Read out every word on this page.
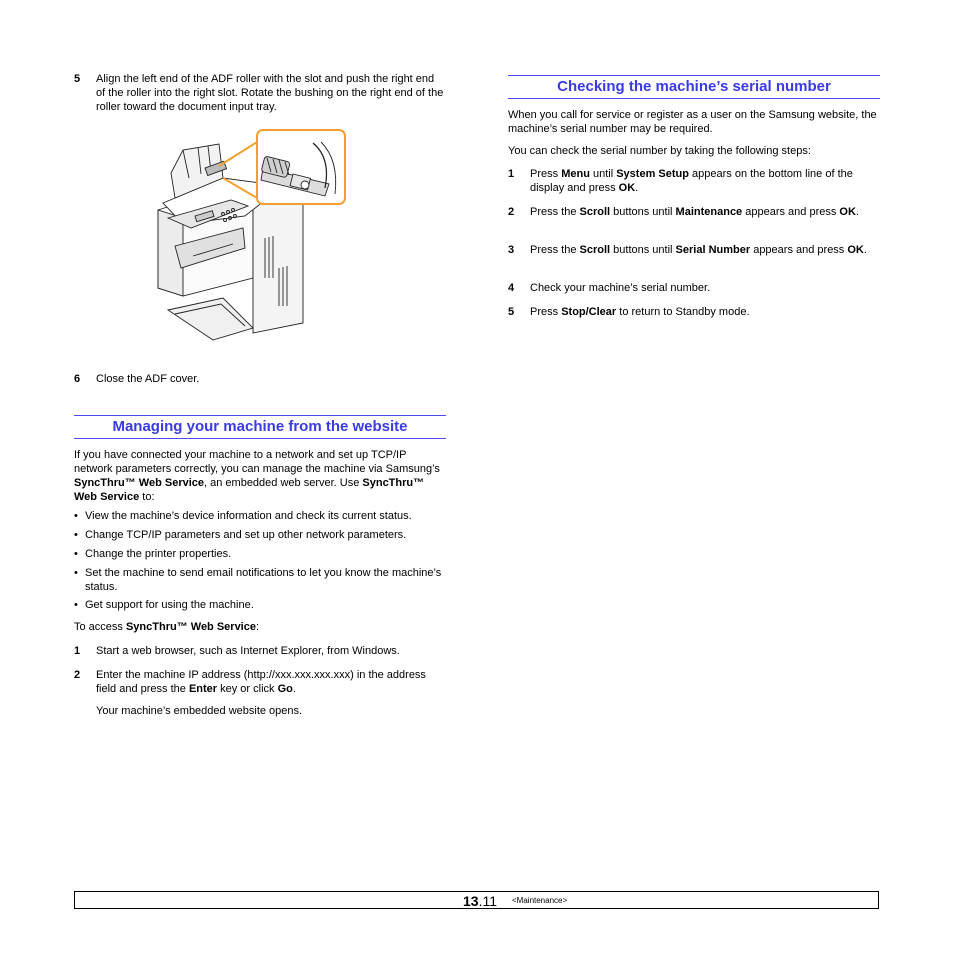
5 Align the left end of the ADF roller with the slot and push the right end of the roller into the right slot. Rotate the bushing on the right end of the roller toward the document input tray.
6 Close the ADF cover.
Managing your machine from the website
If you have connected your machine to a network and set up TCP/IP network parameters correctly, you can manage the machine via Samsung’s SyncThru™ Web Service, an embedded web server. Use SyncThru™ Web Service to:
• View the machine’s device information and check its current status.
• Change TCP/IP parameters and set up other network parameters.
• Change the printer properties.
• Set the machine to send email notifications to let you know the machine’s status.
• Get support for using the machine.
To access SyncThru™ Web Service:
1 Start a web browser, such as Internet Explorer, from Windows.
2 Enter the machine IP address (http://xxx.xxx.xxx.xxx) in the address field and press the Enter key or click Go.
Your machine’s embedded website opens.
Checking the machine’s serial number
When you call for service or register as a user on the Samsung website, the machine’s serial number may be required.
You can check the serial number by taking the following steps:
1 Press Menu until System Setup appears on the bottom line of the display and press OK.
2 Press the Scroll buttons until Maintenance appears and press OK.
3 Press the Scroll buttons until Serial Number appears and press OK.
4 Check your machine’s serial number.
5 Press Stop/Clear to return to Standby mode.
13.11 <Maintenance>
